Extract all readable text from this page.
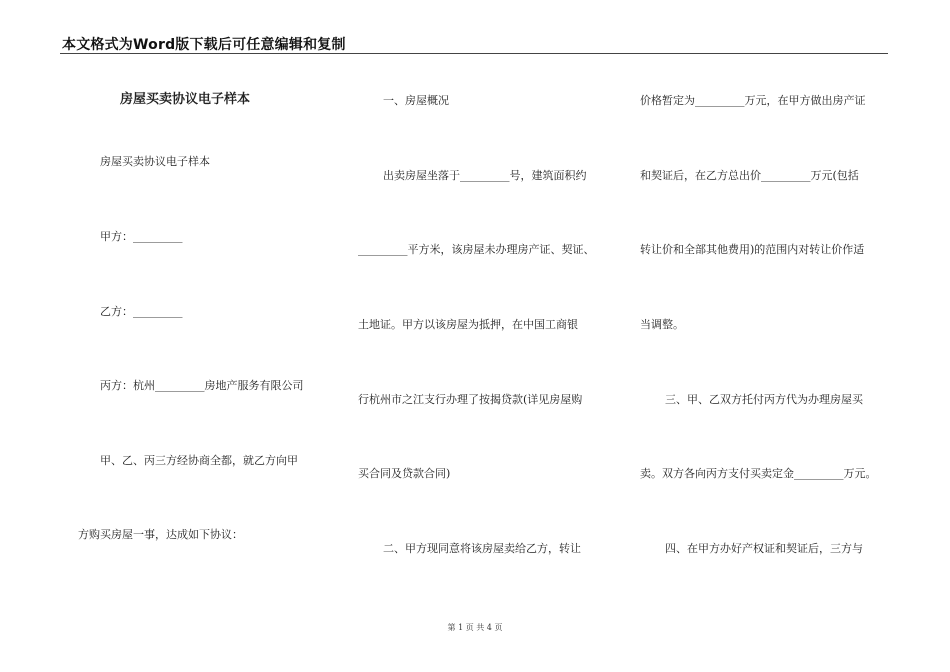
本文格式为Word版下载后可任意编辑和复制
房屋买卖协议电子样本
房屋买卖协议电子样本
甲方：_________
乙方：_________
丙方：杭州_________房地产服务有限公司
甲、乙、丙三方经协商全都，就乙方向甲
方购买房屋一事，达成如下协议：
一、房屋概况
出卖房屋坐落于_________号，建筑面积约
_________平方米，该房屋未办理房产证、契证、
土地证。甲方以该房屋为抵押，在中国工商银
行杭州市之江支行办理了按揭贷款(详见房屋购
买合同及贷款合同)
二、甲方现同意将该房屋卖给乙方，转让
价格暂定为_________万元，在甲方做出房产证
和契证后，在乙方总出价_________万元(包括
转让价和全部其他费用)的范围内对转让价作适
当调整。
三、甲、乙双方托付丙方代为办理房屋买
卖。双方各向丙方支付买卖定金_________万元。
四、在甲方办好产权证和契证后，三方与
第 1 页 共 4 页
